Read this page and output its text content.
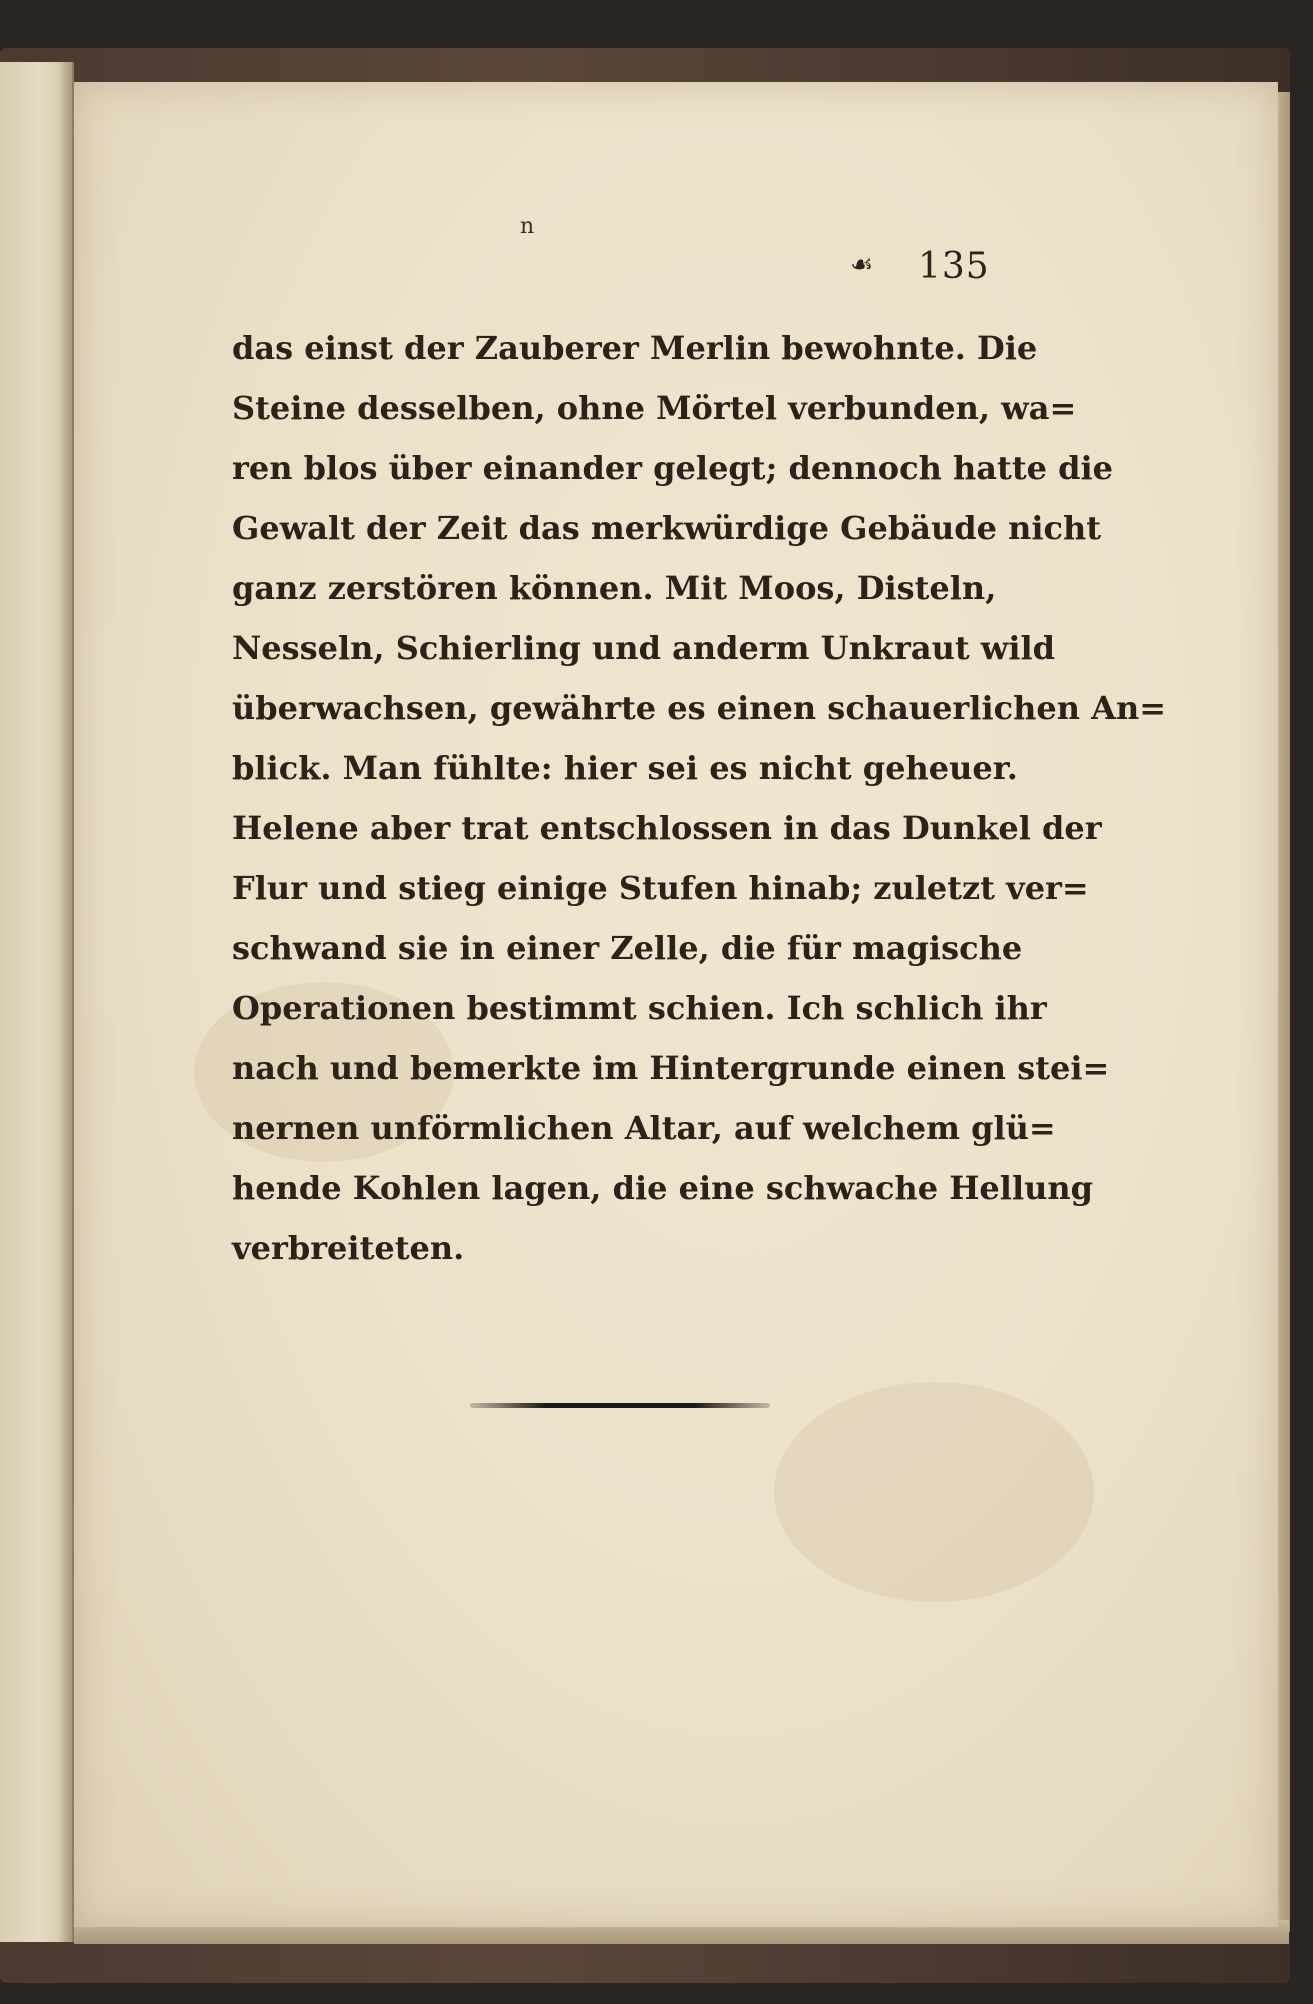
n
☙ 135
das einst der Zauberer Merlin bewohnte. Die
Steine desselben, ohne Mörtel verbunden, wa=
ren blos über einander gelegt; dennoch hatte die
Gewalt der Zeit das merkwürdige Gebäude nicht
ganz zerstören können. Mit Moos, Disteln,
Nesseln, Schierling und anderm Unkraut wild
überwachsen, gewährte es einen schauerlichen An=
blick. Man fühlte: hier sei es nicht geheuer.
Helene aber trat entschlossen in das Dunkel der
Flur und stieg einige Stufen hinab; zuletzt ver=
schwand sie in einer Zelle, die für magische
Operationen bestimmt schien. Ich schlich ihr
nach und bemerkte im Hintergrunde einen stei=
nernen unförmlichen Altar, auf welchem glü=
hende Kohlen lagen, die eine schwache Hellung
verbreiteten.
